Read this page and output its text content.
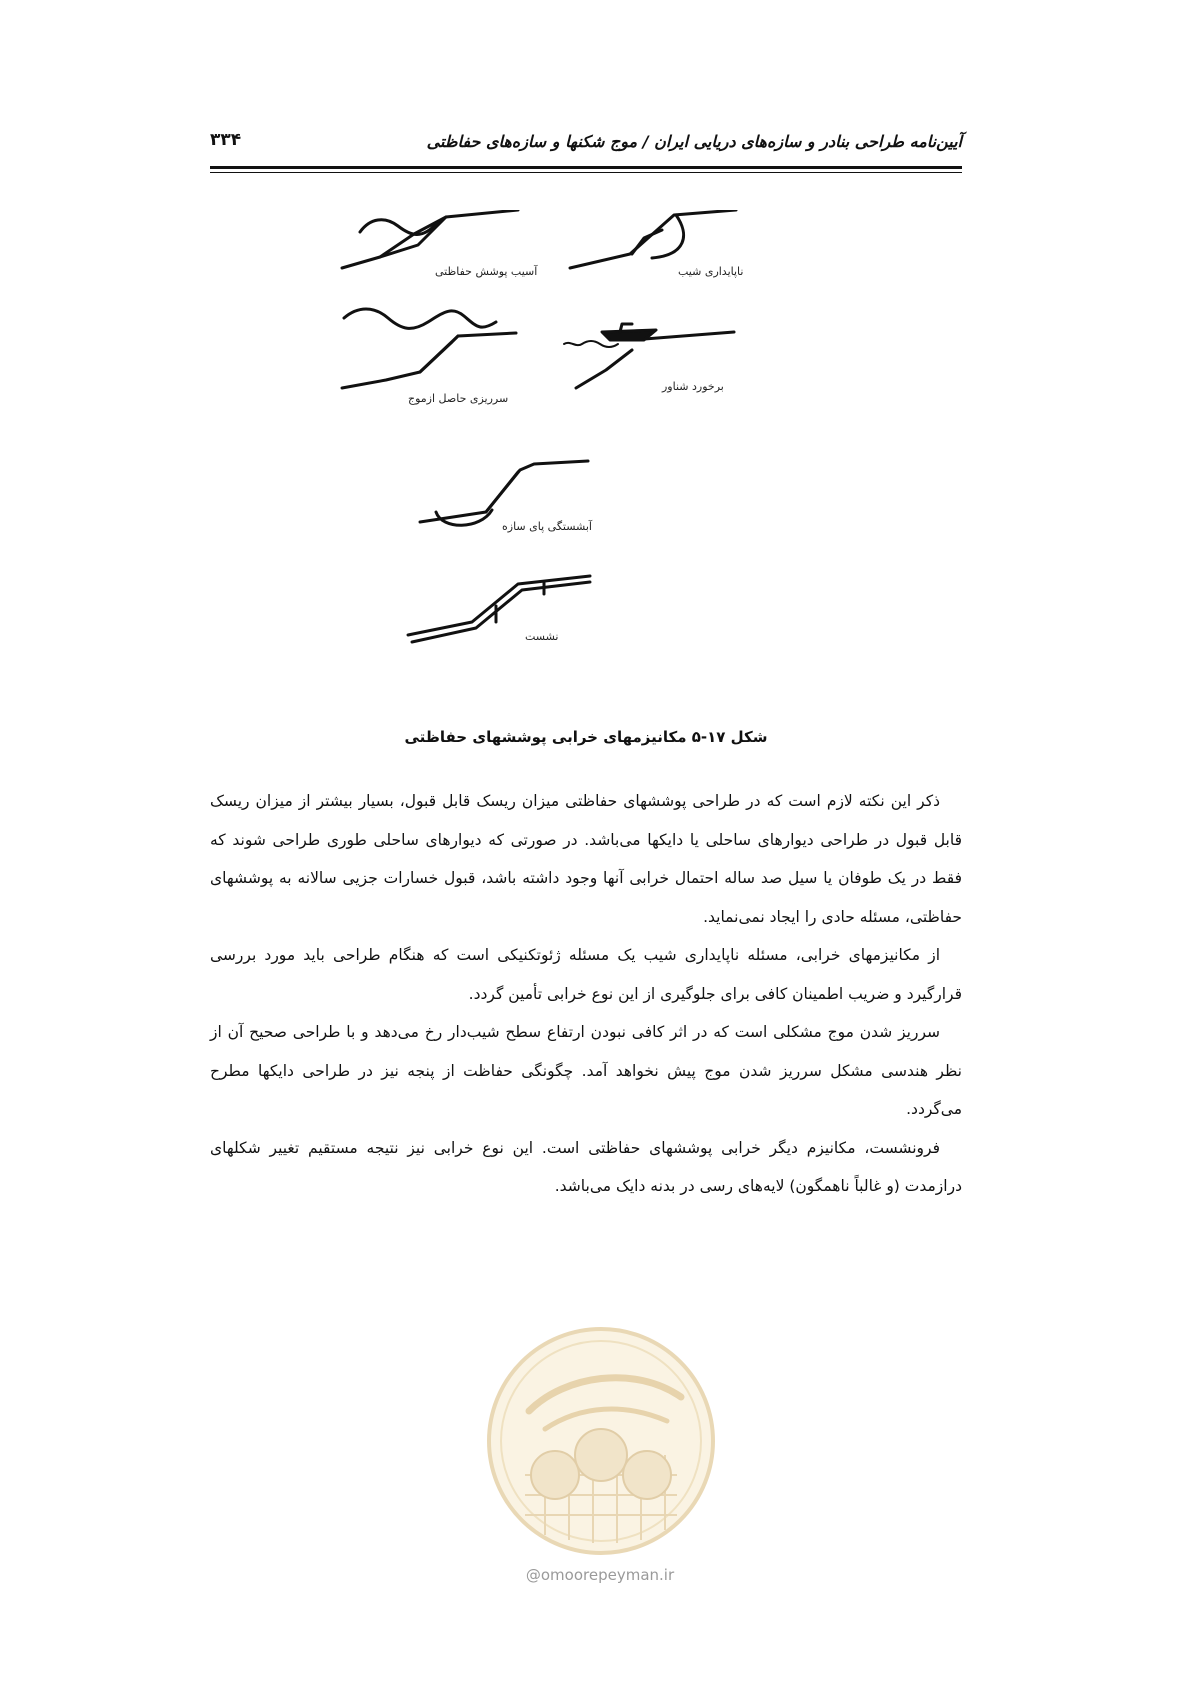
آیین‌نامه طراحی بنادر و سازه‌های دریایی ایران / موج شکنها و سازه‌های حفاظتی
۳۳۴
آسیب پوشش حفاظتی	ناپایداری شیب
سرریزی حاصل ازموج
برخورد شناور
آبشستگی پای سازه
نشست
شکل ۱۷-۵ مکانیزمهای خرابی پوششهای حفاظتی

ذکر این نکته لازم است که در طراحی پوششهای حفاظتی میزان ریسک قابل قبول، بسیار بیشتر از میزان ریسک قابل قبول در طراحی دیوارهای ساحلی یا دایکها می‌باشد. در صورتی که دیوارهای ساحلی طوری طراحی شوند که فقط در یک طوفان یا سیل صد ساله احتمال خرابی آنها وجود داشته باشد، قبول خسارات جزیی سالانه به پوششهای حفاظتی، مسئله حادی را ایجاد نمی‌نماید.

از مکانیزمهای خرابی، مسئله ناپایداری شیب یک مسئله ژئوتکنیکی است که هنگام طراحی باید مورد بررسی قرارگیرد و ضریب اطمینان کافی برای جلوگیری از این نوع خرابی تأمین گردد.

سرریز شدن موج مشکلی است که در اثر کافی نبودن ارتفاع سطح شیب‌دار رخ می‌دهد و با طراحی صحیح آن از نظر هندسی مشکل سرریز شدن موج پیش نخواهد آمد. چگونگی حفاظت از پنجه نیز در طراحی دایکها مطرح می‌گردد.

فرونشست، مکانیزم دیگر خرابی پوششهای حفاظتی است. این نوع خرابی نیز نتیجه مستقیم تغییر شکلهای درازمدت (و غالباً ناهمگون) لایه‌های رسی در بدنه دایک می‌باشد.

@omoorepeyman.ir
